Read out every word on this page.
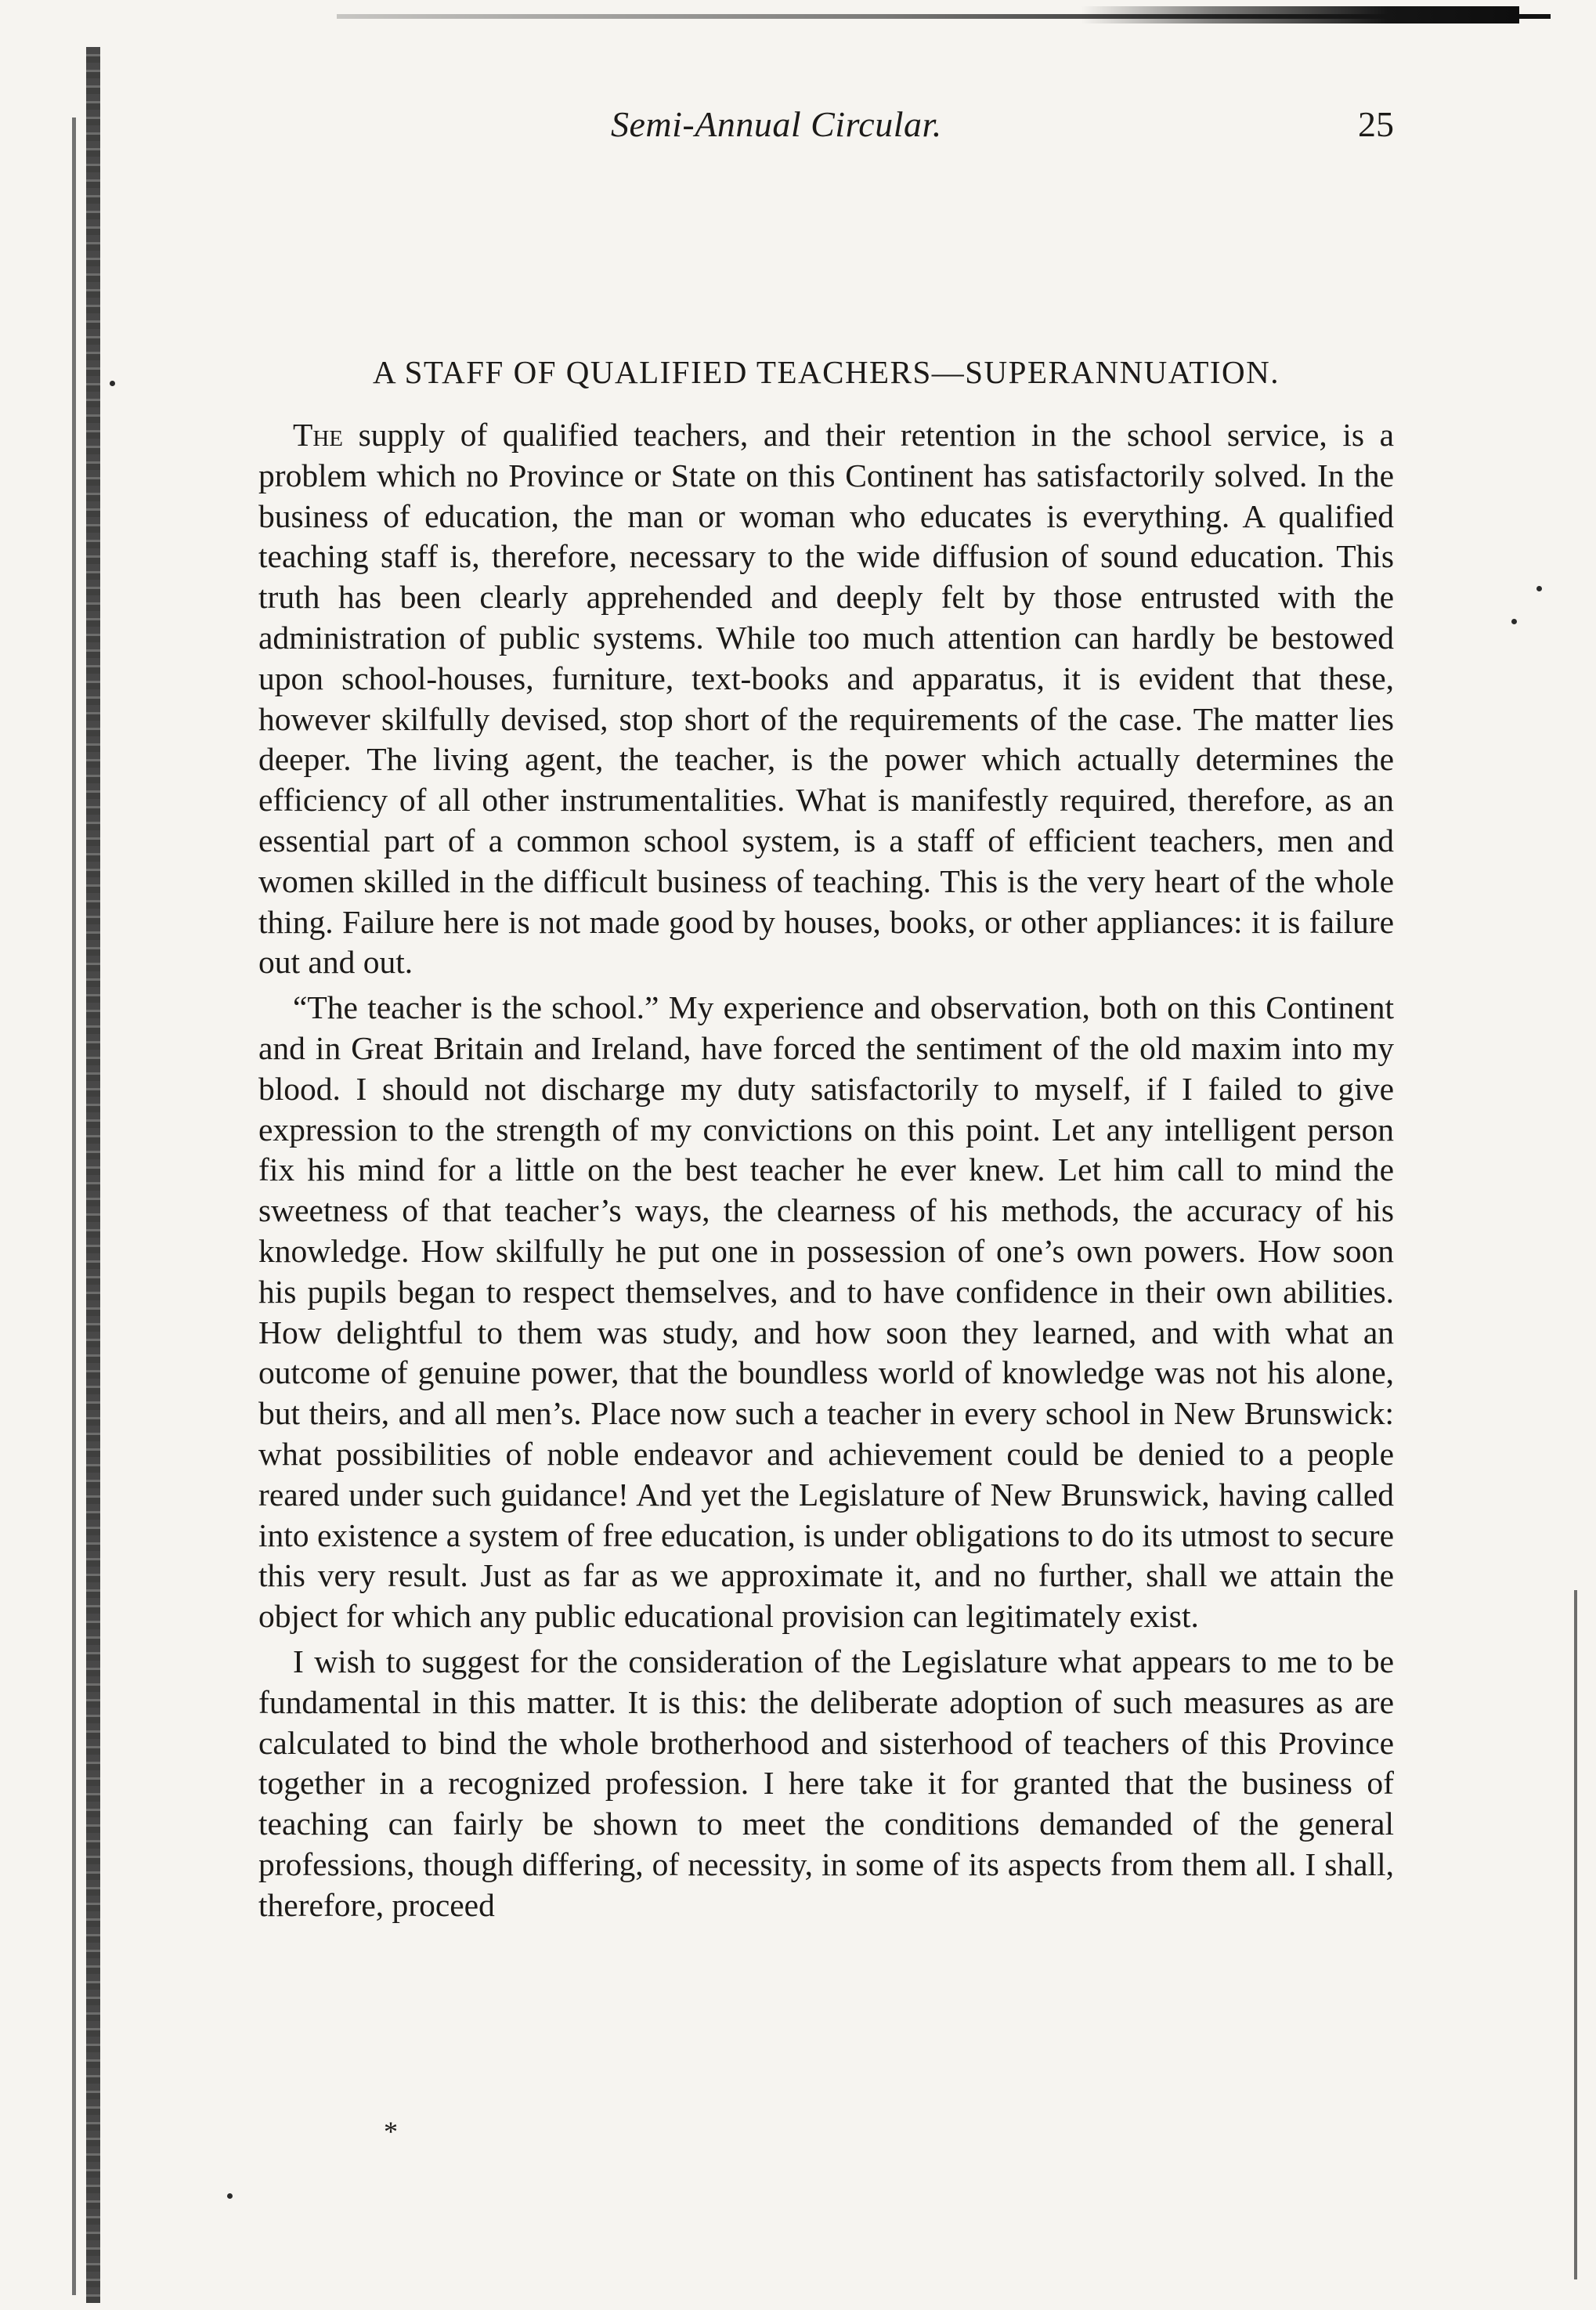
Semi-Annual Circular.	25
A STAFF OF QUALIFIED TEACHERS—SUPERANNUATION.

The supply of qualified teachers, and their retention in the school service, is a problem which no Province or State on this Continent has satisfactorily solved. In the business of education, the man or woman who educates is everything. A qualified teaching staff is, therefore, necessary to the wide diffusion of sound education. This truth has been clearly apprehended and deeply felt by those entrusted with the administration of public systems. While too much attention can hardly be bestowed upon school-houses, furniture, text-books and apparatus, it is evident that these, however skilfully devised, stop short of the requirements of the case. The matter lies deeper. The living agent, the teacher, is the power which actually determines the efficiency of all other instrumentalities. What is manifestly required, therefore, as an essential part of a common school system, is a staff of efficient teachers, men and women skilled in the difficult business of teaching. This is the very heart of the whole thing. Failure here is not made good by houses, books, or other appliances: it is failure out and out.

“The teacher is the school.” My experience and observation, both on this Continent and in Great Britain and Ireland, have forced the sentiment of the old maxim into my blood. I should not discharge my duty satisfactorily to myself, if I failed to give expression to the strength of my convictions on this point. Let any intelligent person fix his mind for a little on the best teacher he ever knew. Let him call to mind the sweetness of that teacher’s ways, the clearness of his methods, the accuracy of his knowledge. How skilfully he put one in possession of one’s own powers. How soon his pupils began to respect themselves, and to have confidence in their own abilities. How delightful to them was study, and how soon they learned, and with what an outcome of genuine power, that the boundless world of knowledge was not his alone, but theirs, and all men’s. Place now such a teacher in every school in New Brunswick: what possibilities of noble endeavor and achievement could be denied to a people reared under such guidance! And yet the Legislature of New Brunswick, having called into existence a system of free education, is under obligations to do its utmost to secure this very result. Just as far as we approximate it, and no further, shall we attain the object for which any public educational provision can legitimately exist.

I wish to suggest for the consideration of the Legislature what appears to me to be fundamental in this matter. It is this: the deliberate adoption of such measures as are calculated to bind the whole brotherhood and sisterhood of teachers of this Province together in a recognized profession. I here take it for granted that the business of teaching can fairly be shown to meet the conditions demanded of the general professions, though differing, of necessity, in some of its aspects from them all. I shall, therefore, proceed

*
